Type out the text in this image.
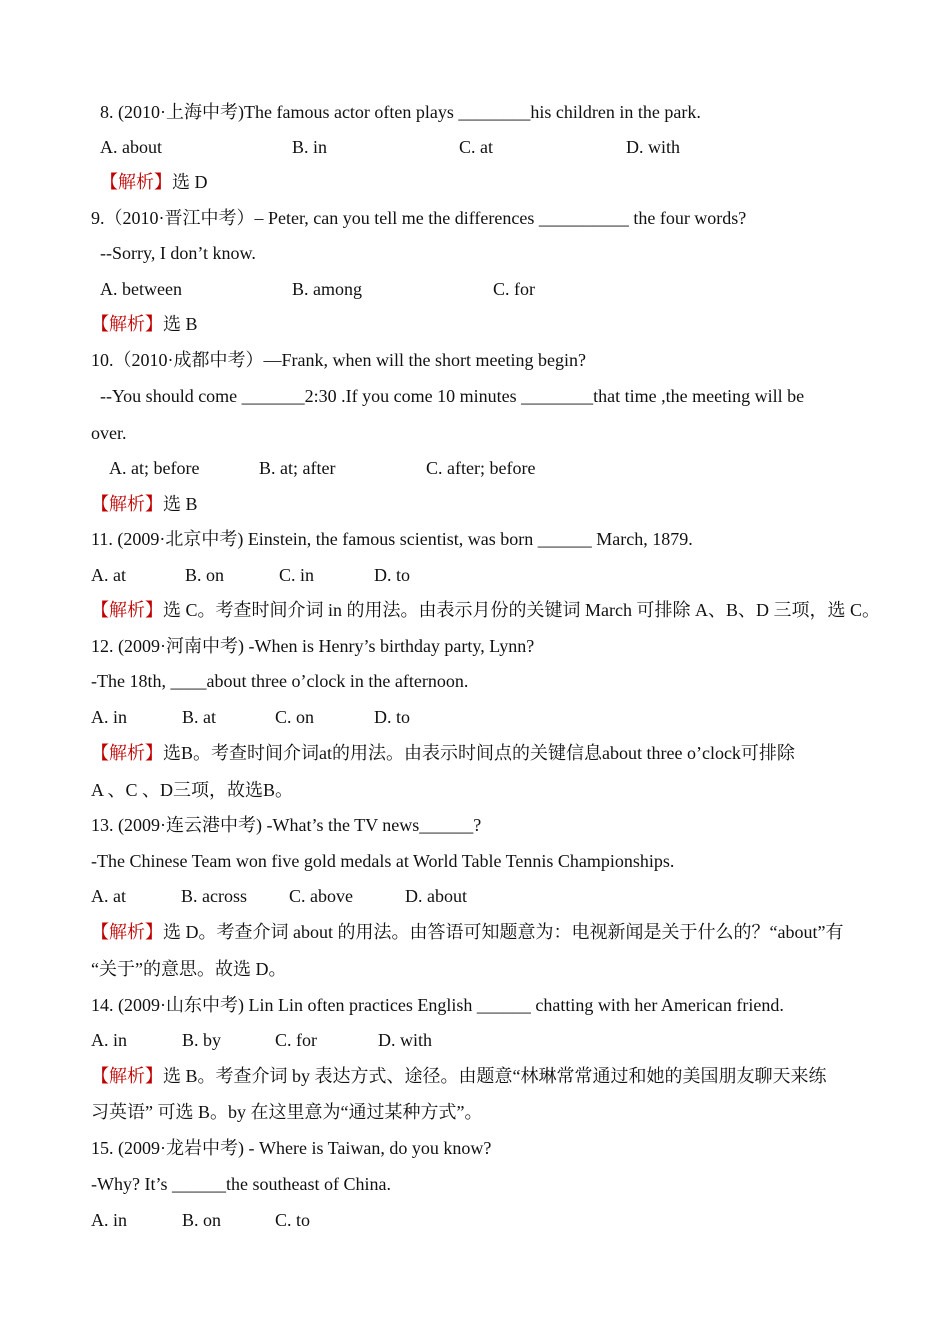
8. (2010·上海中考)The famous actor often plays ________his children in the park.
A. about	B. in	C. at	D. with
【解析】选 D
9.（2010·晋江中考）– Peter, can you tell me the differences __________ the four words?
--Sorry, I don’t know.
A. between	B. among	C. for
【解析】选 B
10.（2010·成都中考）—Frank, when will the short meeting begin?
--You should come _______2:30 .If you come 10 minutes ________that time ,the meeting will be
over.
A. at; before	B. at; after	C. after; before
【解析】选 B
11. (2009·北京中考) Einstein, the famous scientist, was born ______ March, 1879.
A. at	B. on	C. in	D. to
【解析】选 C。考查时间介词 in 的用法。由表示月份的关键词 March 可排除 A、B、D 三项，选 C。
12. (2009·河南中考) -When is Henry’s birthday party, Lynn?
-The 18th, ____about three o’clock in the afternoon.
A. in	B. at	C. on	D. to
【解析】选B。考查时间介词at的用法。由表示时间点的关键信息about three o’clock可排除
A 、C 、D三项，故选B。
13. (2009·连云港中考) -What’s the TV news______?
-The Chinese Team won five gold medals at World Table Tennis Championships.
A. at	B. across C. above	D. about
【解析】选 D。考查介词 about 的用法。由答语可知题意为：电视新闻是关于什么的？“about”有
“关于”的意思。故选 D。
14. (2009·山东中考) Lin Lin often practices English ______ chatting with her American friend.
A. in	B. by	C. for	D. with
【解析】选 B。考查介词 by 表达方式、途径。由题意“林琳常常通过和她的美国朋友聊天来练
习英语” 可选 B。by 在这里意为“通过某种方式”。
15. (2009·龙岩中考) - Where is Taiwan, do you know?
-Why? It’s ______the southeast of China.
A. in	B. on	C. to
